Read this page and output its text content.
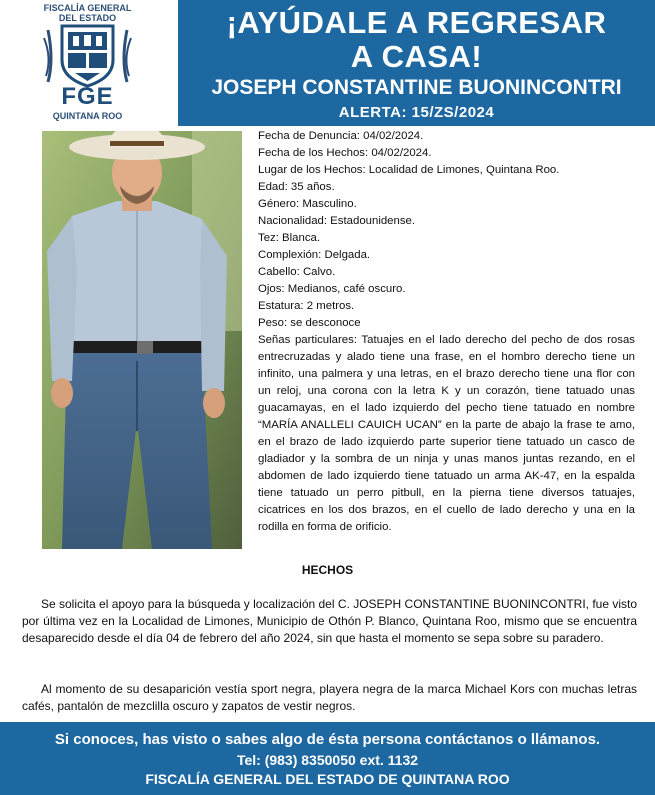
FISCALÍA GENERAL
DEL ESTADO
FGE
QUINTANA ROO
¡AYÚDALE A REGRESAR
A CASA!
JOSEPH CONSTANTINE BUONINCONTRI
ALERTA: 15/ZS/2024
Fecha de Denuncia: 04/02/2024.
Fecha de los Hechos: 04/02/2024.
Lugar de los Hechos: Localidad de Limones, Quintana Roo.
Edad: 35 años.
Género: Masculino.
Nacionalidad: Estadounidense.
Tez: Blanca.
Complexión: Delgada.
Cabello: Calvo.
Ojos: Medianos, café oscuro.
Estatura: 2 metros.
Peso: se desconoce
Señas particulares: Tatuajes en el lado derecho del pecho de dos rosas entrecruzadas y alado tiene una frase, en el hombro derecho tiene un infinito, una palmera y una letras, en el brazo derecho tiene una flor con un reloj, una corona con la letra K y un corazón, tiene tatuado unas guacamayas, en el lado izquierdo del pecho tiene tatuado en nombre “MARÍA ANALLELI CAUICH UCAN” en la parte de abajo la frase te amo, en el brazo de lado izquierdo parte superior tiene tatuado un casco de gladiador y la sombra de un ninja y unas manos juntas rezando, en el abdomen de lado izquierdo tiene tatuado un arma AK-47, en la espalda tiene tatuado un perro pitbull, en la pierna tiene diversos tatuajes, cicatrices en los dos brazos, en el cuello de lado derecho y una en la rodilla en forma de orificio.
HECHOS
Se solicita el apoyo para la búsqueda y localización del C. JOSEPH CONSTANTINE BUONINCONTRI, fue visto por última vez en la Localidad de Limones, Municipio de Othón P. Blanco, Quintana Roo, mismo que se encuentra desaparecido desde el día 04 de febrero del año 2024, sin que hasta el momento se sepa sobre su paradero.
Al momento de su desaparición vestía sport negra, playera negra de la marca Michael Kors con muchas letras cafés, pantalón de mezclilla oscuro y zapatos de vestir negros.
Si conoces, has visto o sabes algo de ésta persona contáctanos o llámanos.
Tel: (983) 8350050 ext. 1132
FISCALÍA GENERAL DEL ESTADO DE QUINTANA ROO
